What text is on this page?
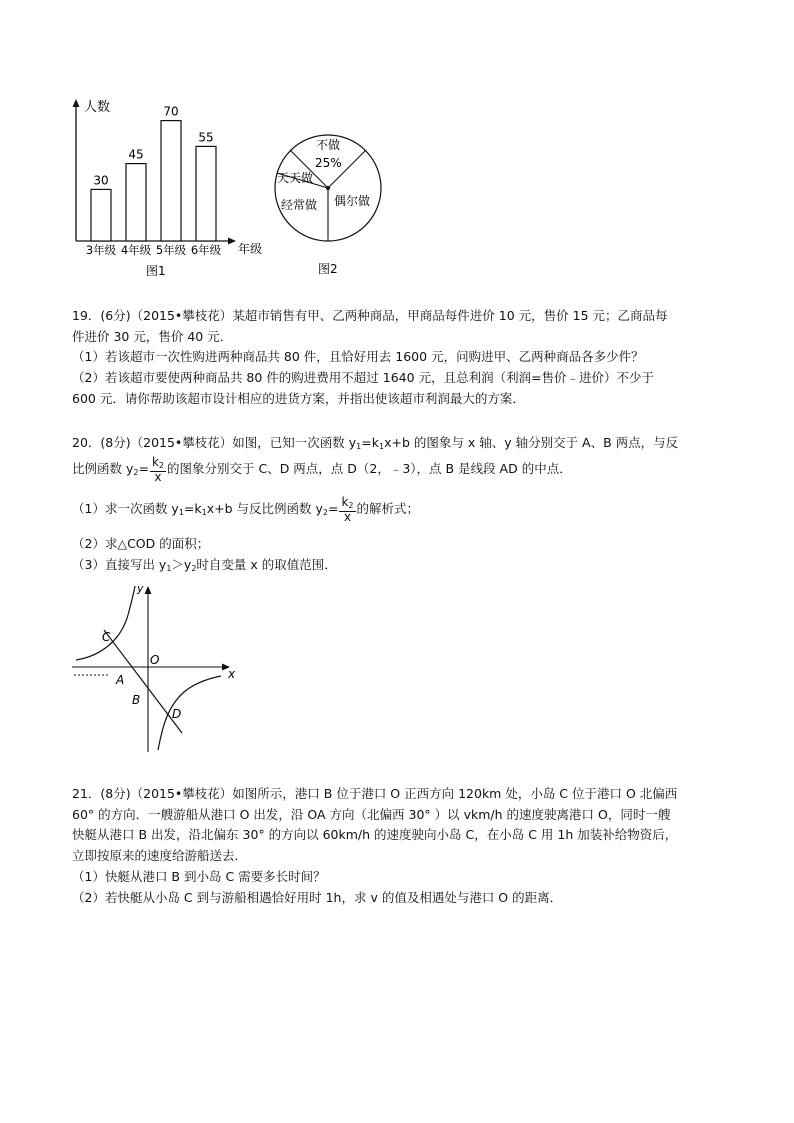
人数
年级
30
3年级
45
4年级
70
5年级
55
6年级
图1
不做
25%
天天做
经常做 偶尔做
图2
19．(6分)（2015•攀枝花）某超市销售有甲、乙两种商品，甲商品每件进价 10 元，售价 15 元；乙商品每
件进价 30 元，售价 40 元．
（1）若该超市一次性购进两种商品共 80 件，且恰好用去 1600 元，问购进甲、乙两种商品各多少件？
（2）若该超市要使两种商品共 80 件的购进费用不超过 1640 元，且总利润（利润=售价﹣进价）不少于
600 元．请你帮助该超市设计相应的进货方案，并指出使该超市利润最大的方案．
20．(8分)（2015•攀枝花）如图，已知一次函数 $y_1=k_1x+b$ 的图象与 x 轴、y 轴分别交于 A、B 两点，与反
比例函数 $y_2= \frac{k2}{x}$ 的图象分别交于 C、D 两点，点 D（2，﹣3），点 B 是线段 AD 的中点．
（1）求一次函数 $y_1=k_1x+b$ 与反比例函数 $y_2= \frac{k2}{x}$ 的解析式；
（2）求△COD 的面积；
（3）直接写出 $y_1>y_2$时自变量 x 的取值范围．
y
x
O
A
B
C
D
21．(8分)（2015•攀枝花）如图所示，港口 B 位于港口 O 正西方向 120km 处，小岛 C 位于港口 O 北偏西
60° 的方向．一艘游船从港口 O 出发，沿 OA 方向（北偏西 30° ）以 vkm/h 的速度驶离港口 O，同时一艘
快艇从港口 B 出发，沿北偏东 30° 的方向以 60km/h 的速度驶向小岛 C，在小岛 C 用 1h 加装补给物资后，
立即按原来的速度给游船送去．
（1）快艇从港口 B 到小岛 C 需要多长时间？
（2）若快艇从小岛 C 到与游船相遇恰好用时 1h，求 v 的值及相遇处与港口 O 的距离．
